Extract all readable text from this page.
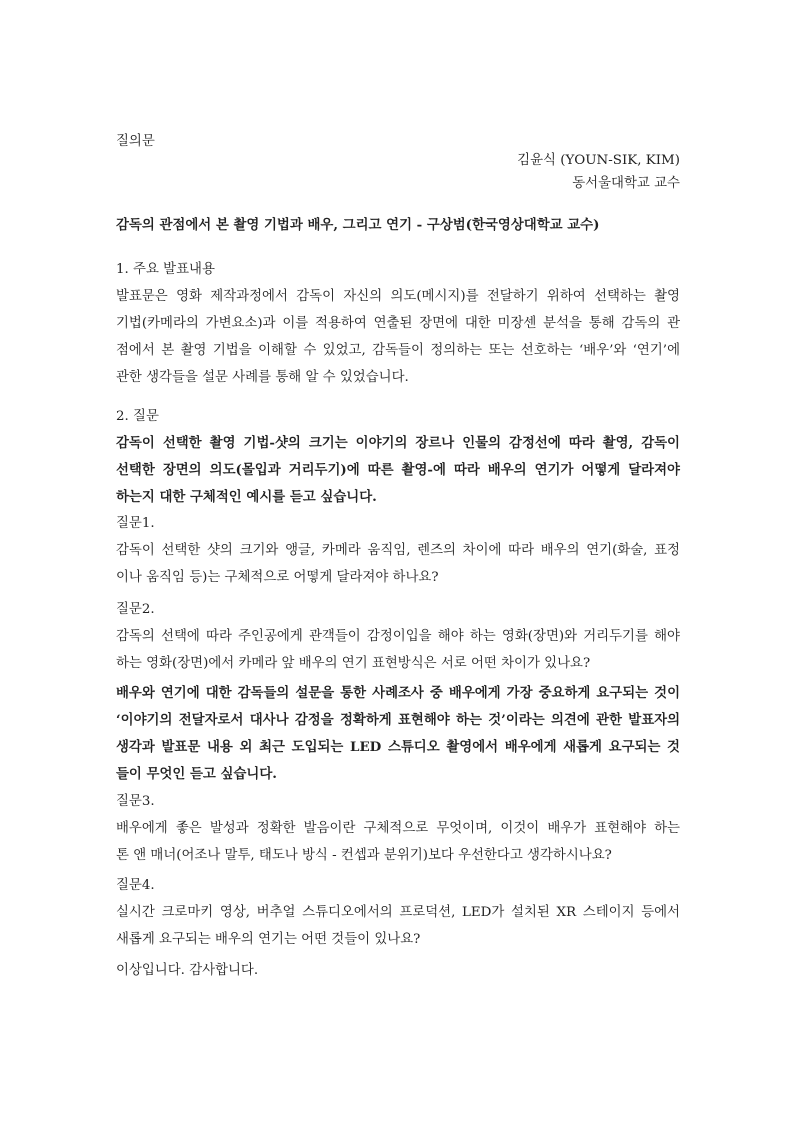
질의문
김윤식 (YOUN-SIK, KIM)
동서울대학교 교수
감독의 관점에서 본 촬영 기법과 배우, 그리고 연기 - 구상범(한국영상대학교 교수)
1. 주요 발표내용
발표문은 영화 제작과정에서 감독이 자신의 의도(메시지)를 전달하기 위하여 선택하는 촬영
기법(카메라의 가변요소)과 이를 적용하여 연출된 장면에 대한 미장센 분석을 통해 감독의 관
점에서 본 촬영 기법을 이해할 수 있었고, 감독들이 정의하는 또는 선호하는 ‘배우’와 ‘연기’에
관한 생각들을 설문 사례를 통해 알 수 있었습니다.
2. 질문
감독이 선택한 촬영 기법-샷의 크기는 이야기의 장르나 인물의 감정선에 따라 촬영, 감독이
선택한 장면의 의도(몰입과 거리두기)에 따른 촬영-에 따라 배우의 연기가 어떻게 달라져야
하는지 대한 구체적인 예시를 듣고 싶습니다.
질문1.
감독이 선택한 샷의 크기와 앵글, 카메라 움직임, 렌즈의 차이에 따라 배우의 연기(화술, 표정
이나 움직임 등)는 구체적으로 어떻게 달라져야 하나요?
질문2.
감독의 선택에 따라 주인공에게 관객들이 감정이입을 해야 하는 영화(장면)와 거리두기를 해야
하는 영화(장면)에서 카메라 앞 배우의 연기 표현방식은 서로 어떤 차이가 있나요?
배우와 연기에 대한 감독들의 설문을 통한 사례조사 중 배우에게 가장 중요하게 요구되는 것이
‘이야기의 전달자로서 대사나 감정을 정확하게 표현해야 하는 것’이라는 의견에 관한 발표자의
생각과 발표문 내용 외 최근 도입되는 LED 스튜디오 촬영에서 배우에게 새롭게 요구되는 것
들이 무엇인 듣고 싶습니다.
질문3.
배우에게 좋은 발성과 정확한 발음이란 구체적으로 무엇이며, 이것이 배우가 표현해야 하는
톤 앤 매너(어조나 말투, 태도나 방식 - 컨셉과 분위기)보다 우선한다고 생각하시나요?
질문4.
실시간 크로마키 영상, 버추얼 스튜디오에서의 프로덕션, LED가 설치된 XR 스테이지 등에서
새롭게 요구되는 배우의 연기는 어떤 것들이 있나요?
이상입니다. 감사합니다.
